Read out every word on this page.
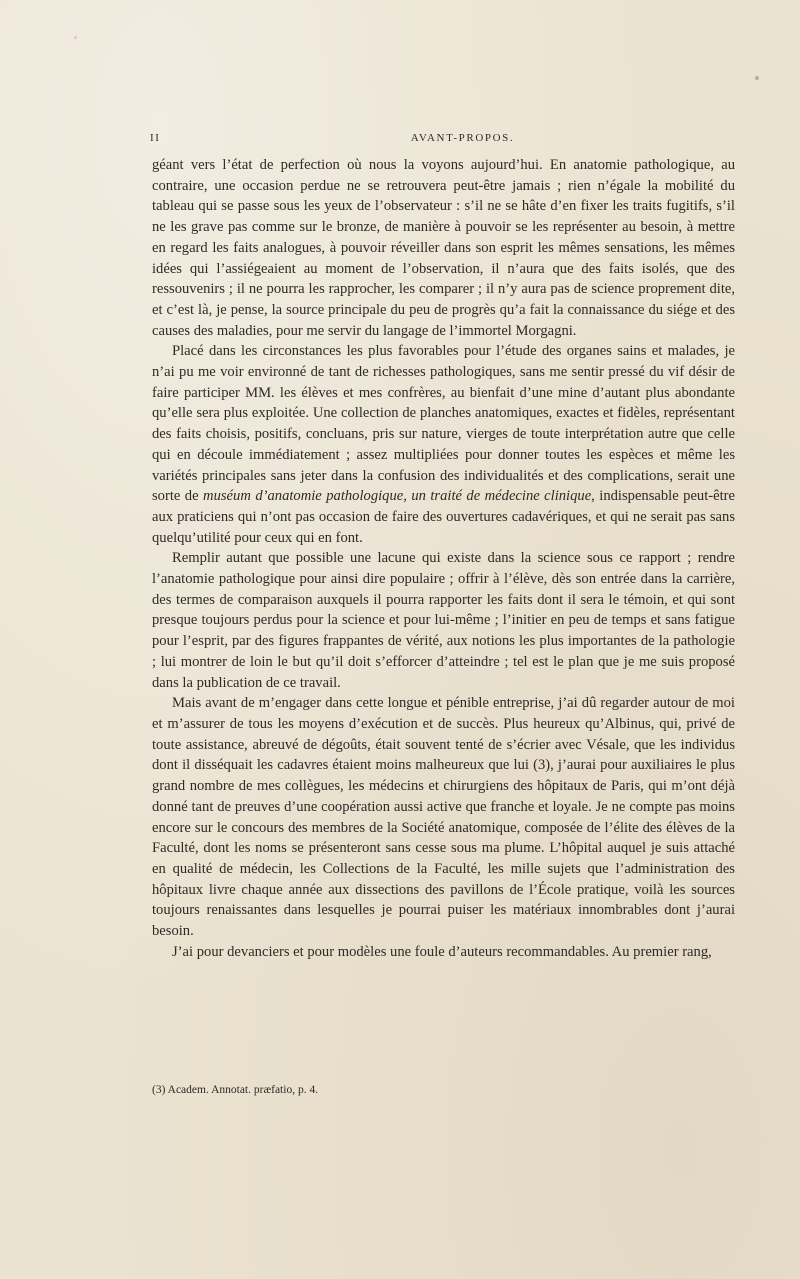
II	AVANT-PROPOS.

géant vers l’état de perfection où nous la voyons aujourd’hui. En anatomie pathologique, au contraire, une occasion perdue ne se retrouvera peut-être jamais ; rien n’égale la mobilité du tableau qui se passe sous les yeux de l’observateur : s’il ne se hâte d’en fixer les traits fugitifs, s’il ne les grave pas comme sur le bronze, de manière à pouvoir se les représenter au besoin, à mettre en regard les faits analogues, à pouvoir réveiller dans son esprit les mêmes sensations, les mêmes idées qui l’assiégeaient au moment de l’observation, il n’aura que des faits isolés, que des ressouvenirs ; il ne pourra les rapprocher, les comparer ; il n’y aura pas de science proprement dite, et c’est là, je pense, la source principale du peu de progrès qu’a fait la connaissance du siége et des causes des maladies, pour me servir du langage de l’immortel Morgagni.

Placé dans les circonstances les plus favorables pour l’étude des organes sains et malades, je n’ai pu me voir environné de tant de richesses pathologiques, sans me sentir pressé du vif désir de faire participer MM. les élèves et mes confrères, au bienfait d’une mine d’autant plus abondante qu’elle sera plus exploitée. Une collection de planches anatomiques, exactes et fidèles, représentant des faits choisis, positifs, concluans, pris sur nature, vierges de toute interprétation autre que celle qui en découle immédiatement ; assez multipliées pour donner toutes les espèces et même les variétés principales sans jeter dans la confusion des individualités et des complications, serait une sorte de muséum d’anatomie pathologique, un traité de médecine clinique, indispensable peut-être aux praticiens qui n’ont pas occasion de faire des ouvertures cadavériques, et qui ne serait pas sans quelqu’utilité pour ceux qui en font.

Remplir autant que possible une lacune qui existe dans la science sous ce rapport ; rendre l’anatomie pathologique pour ainsi dire populaire ; offrir à l’élève, dès son entrée dans la carrière, des termes de comparaison auxquels il pourra rapporter les faits dont il sera le témoin, et qui sont presque toujours perdus pour la science et pour lui-même ; l’initier en peu de temps et sans fatigue pour l’esprit, par des figures frappantes de vérité, aux notions les plus importantes de la pathologie ; lui montrer de loin le but qu’il doit s’efforcer d’atteindre ; tel est le plan que je me suis proposé dans la publication de ce travail.

Mais avant de m’engager dans cette longue et pénible entreprise, j’ai dû regarder autour de moi et m’assurer de tous les moyens d’exécution et de succès. Plus heureux qu’Albinus, qui, privé de toute assistance, abreuvé de dégoûts, était souvent tenté de s’écrier avec Vésale, que les individus dont il disséquait les cadavres étaient moins malheureux que lui (3), j’aurai pour auxiliaires le plus grand nombre de mes collègues, les médecins et chirurgiens des hôpitaux de Paris, qui m’ont déjà donné tant de preuves d’une coopération aussi active que franche et loyale. Je ne compte pas moins encore sur le concours des membres de la Société anatomique, composée de l’élite des élèves de la Faculté, dont les noms se présenteront sans cesse sous ma plume. L’hôpital auquel je suis attaché en qualité de médecin, les Collections de la Faculté, les mille sujets que l’administration des hôpitaux livre chaque année aux dissections des pavillons de l’École pratique, voilà les sources toujours renaissantes dans lesquelles je pourrai puiser les matériaux innombrables dont j’aurai besoin.

J’ai pour devanciers et pour modèles une foule d’auteurs recommandables. Au premier rang,

(3) Academ. Annotat. præfatio, p. 4.
